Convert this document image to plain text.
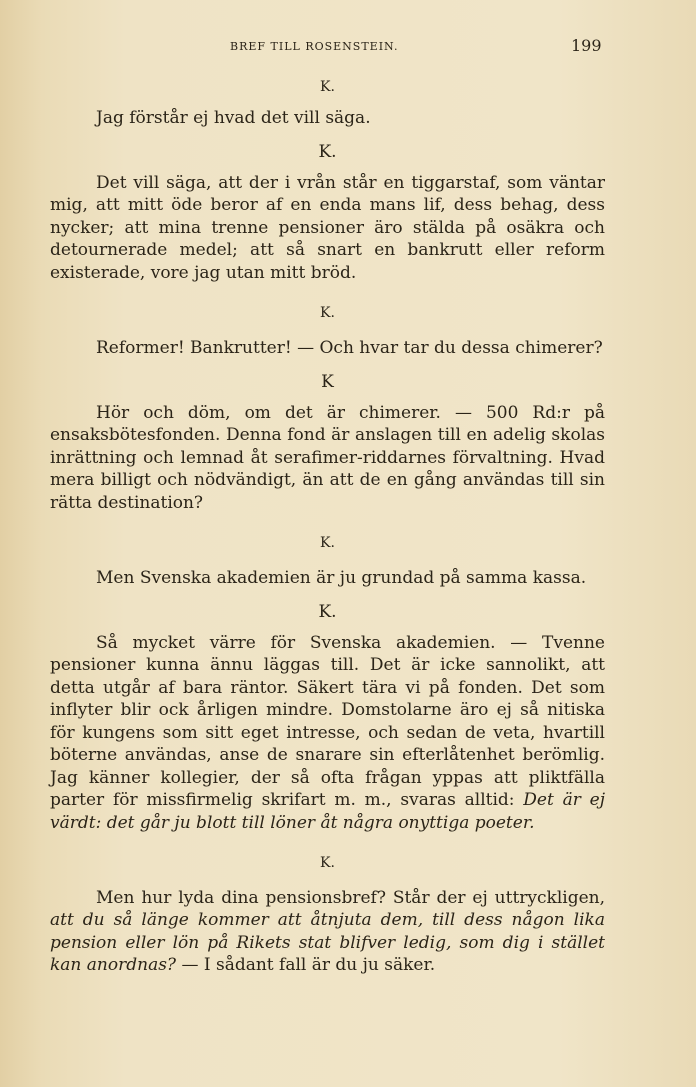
BREF TILL ROSENSTEIN.	199

K.

Jag förstår ej hvad det vill säga.

K.

Det vill säga, att der i vrån står en tiggarstaf, som väntar mig, att mitt öde beror af en enda mans lif, dess behag, dess nycker; att mina trenne pensioner äro stälda på osäkra och detournerade medel; att så snart en bankrutt eller reform existerade, vore jag utan mitt bröd.

K.

Reformer! Bankrutter! — Och hvar tar du dessa chimerer?

K

Hör och döm, om det är chimerer. — 500 Rd:r på ensaksbötesfonden. Denna fond är anslagen till en adelig skolas inrättning och lemnad åt serafimer-riddarnes förvaltning. Hvad mera billigt och nödvändigt, än att de en gång användas till sin rätta destination?

K.

Men Svenska akademien är ju grundad på samma kassa.

K.

Så mycket värre för Svenska akademien. — Tvenne pensioner kunna ännu läggas till. Det är icke sannolikt, att detta utgår af bara räntor. Säkert tära vi på fonden. Det som inflyter blir ock årligen mindre. Domstolarne äro ej så nitiska för kungens som sitt eget intresse, och sedan de veta, hvartill böterne användas, anse de snarare sin efterlåtenhet berömlig. Jag känner kollegier, der så ofta frågan yppas att pliktfälla parter för missfirmelig skrifart m. m., svaras alltid: Det är ej värdt: det går ju blott till löner åt några onyttiga poeter.

K.

Men hur lyda dina pensionsbref? Står der ej uttryckligen, att du så länge kommer att åtnjuta dem, till dess någon lika pension eller lön på Rikets stat blifver ledig, som dig i stället kan anordnas? — I sådant fall är du ju säker.
